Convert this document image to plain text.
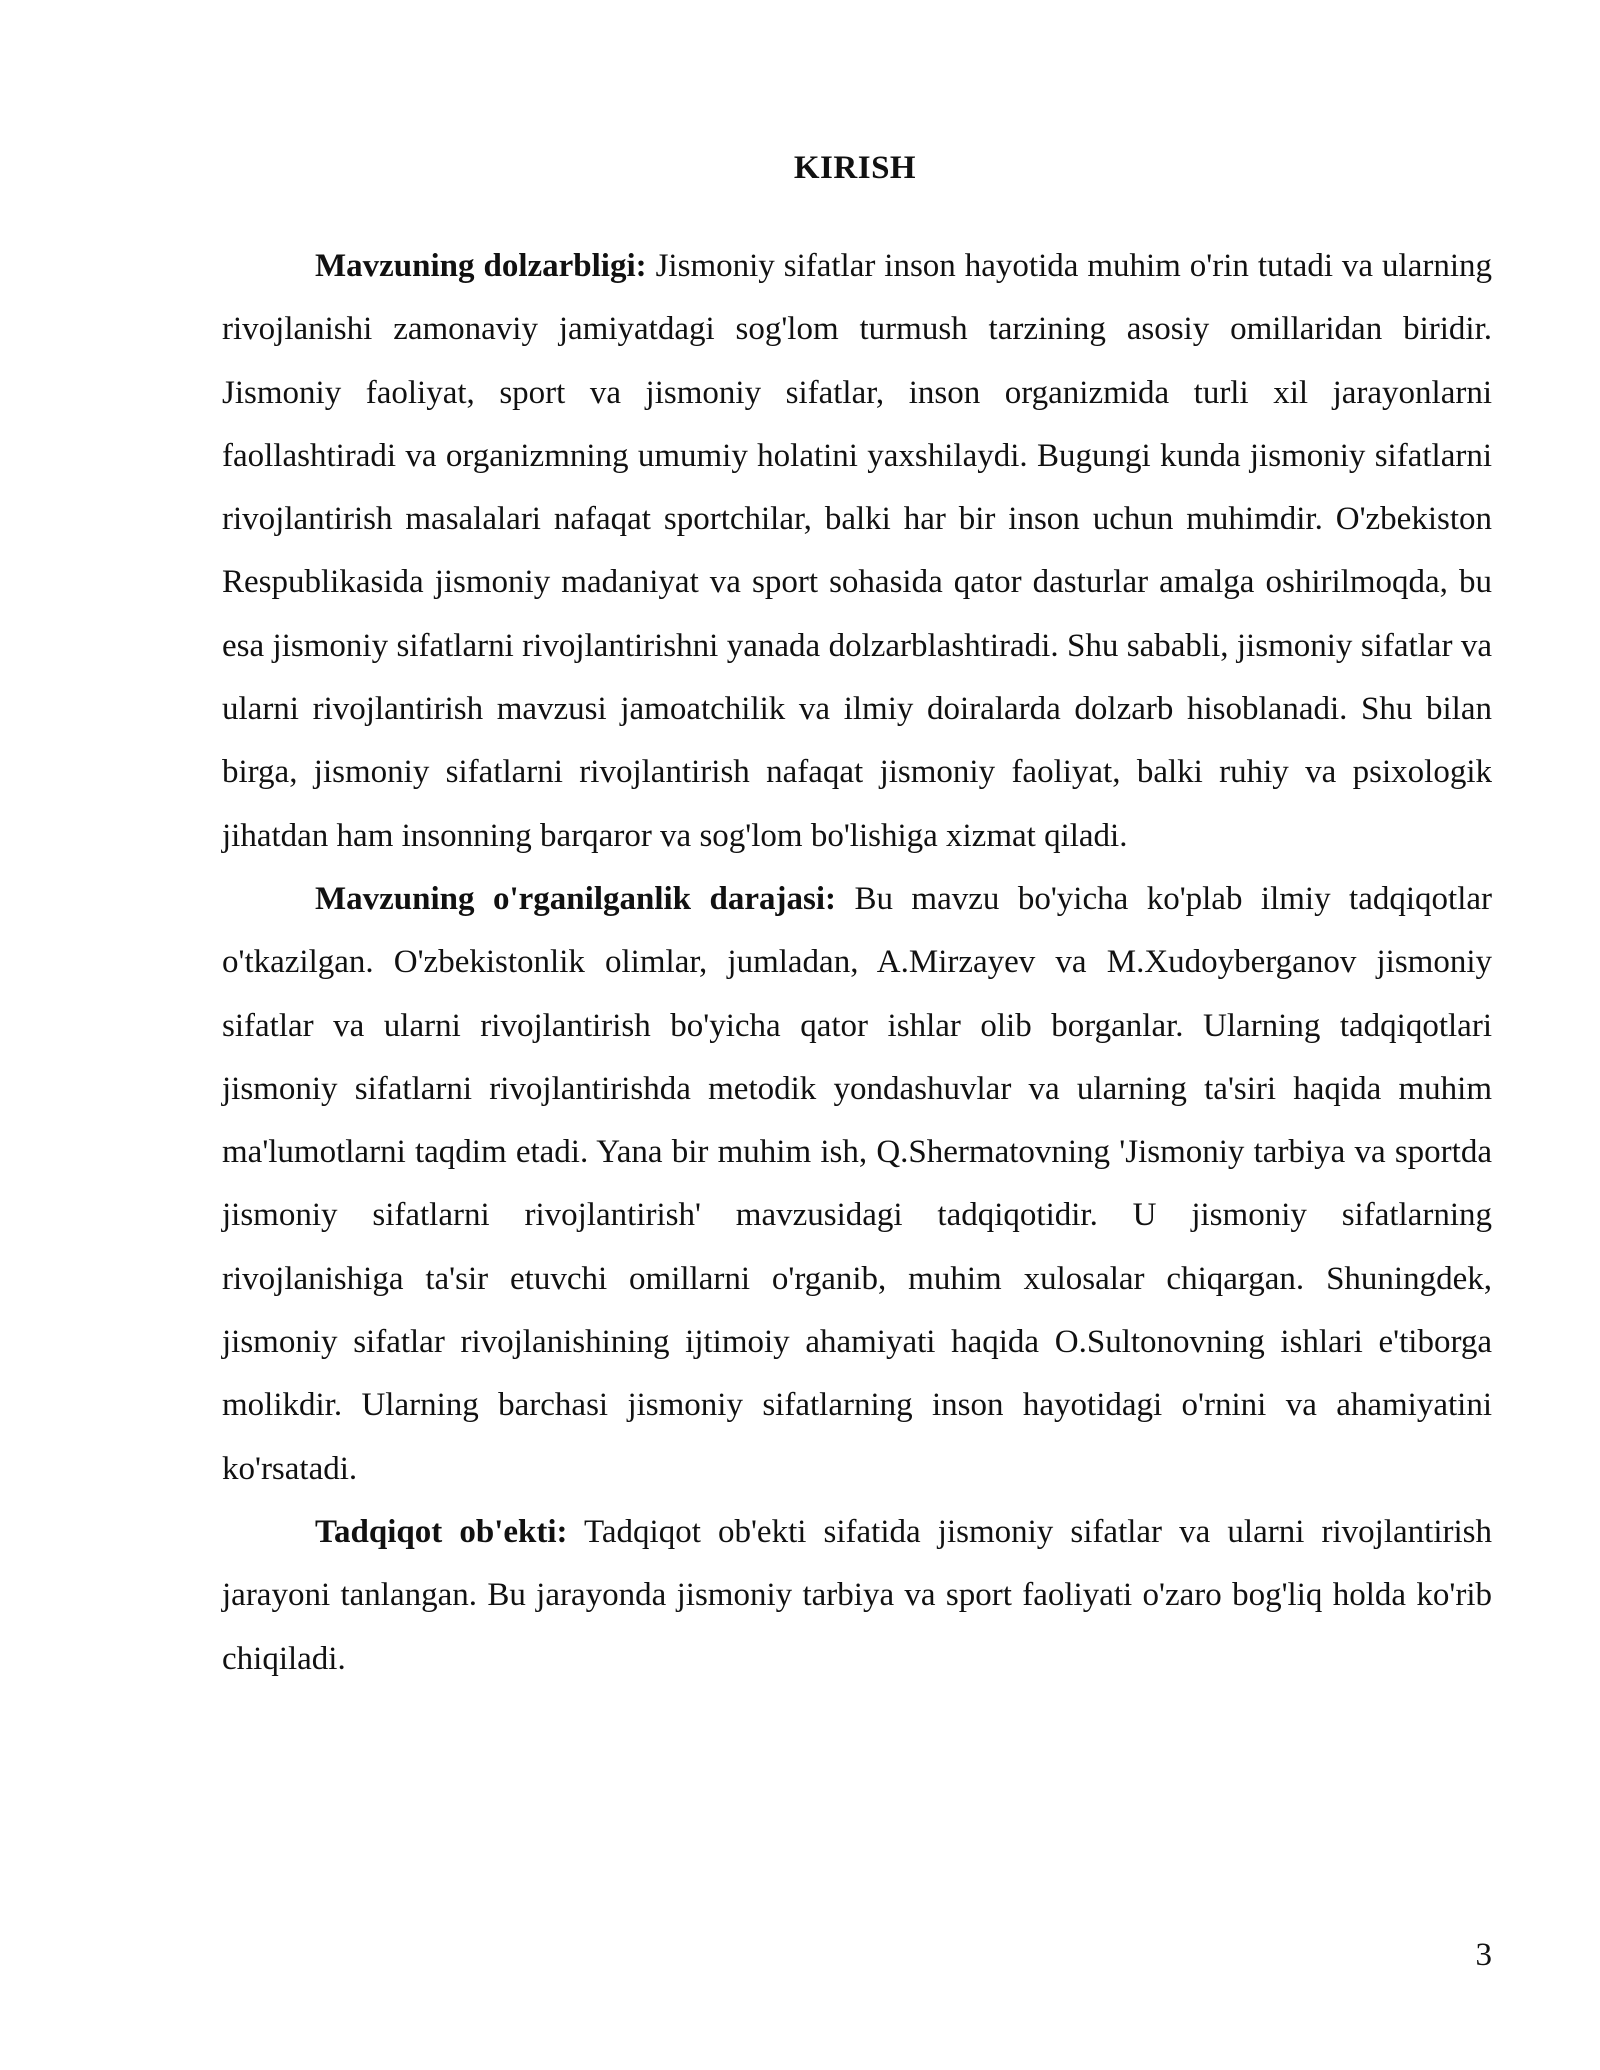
KIRISH

Mavzuning dolzarbligi: Jismoniy sifatlar inson hayotida muhim o'rin tutadi va ularning rivojlanishi zamonaviy jamiyatdagi sog'lom turmush tarzining asosiy omillaridan biridir. Jismoniy faoliyat, sport va jismoniy sifatlar, inson organizmida turli xil jarayonlarni faollashtiradi va organizmning umumiy holatini yaxshilaydi. Bugungi kunda jismoniy sifatlarni rivojlantirish masalalari nafaqat sportchilar, balki har bir inson uchun muhimdir. O'zbekiston Respublikasida jismoniy madaniyat va sport sohasida qator dasturlar amalga oshirilmoqda, bu esa jismoniy sifatlarni rivojlantirishni yanada dolzarblashtiradi. Shu sababli, jismoniy sifatlar va ularni rivojlantirish mavzusi jamoatchilik va ilmiy doiralarda dolzarb hisoblanadi. Shu bilan birga, jismoniy sifatlarni rivojlantirish nafaqat jismoniy faoliyat, balki ruhiy va psixologik jihatdan ham insonning barqaror va sog'lom bo'lishiga xizmat qiladi.

Mavzuning o'rganilganlik darajasi: Bu mavzu bo'yicha ko'plab ilmiy tadqiqotlar o'tkazilgan. O'zbekistonlik olimlar, jumladan, A.Mirzayev va M.Xudoyberganov jismoniy sifatlar va ularni rivojlantirish bo'yicha qator ishlar olib borganlar. Ularning tadqiqotlari jismoniy sifatlarni rivojlantirishda metodik yondashuvlar va ularning ta'siri haqida muhim ma'lumotlarni taqdim etadi. Yana bir muhim ish, Q.Shermatovning 'Jismoniy tarbiya va sportda jismoniy sifatlarni rivojlantirish' mavzusidagi tadqiqotidir. U jismoniy sifatlarning rivojlanishiga ta'sir etuvchi omillarni o'rganib, muhim xulosalar chiqargan. Shuningdek, jismoniy sifatlar rivojlanishining ijtimoiy ahamiyati haqida O.Sultonovning ishlari e'tiborga molikdir. Ularning barchasi jismoniy sifatlarning inson hayotidagi o'rnini va ahamiyatini ko'rsatadi.

Tadqiqot ob'ekti: Tadqiqot ob'ekti sifatida jismoniy sifatlar va ularni rivojlantirish jarayoni tanlangan. Bu jarayonda jismoniy tarbiya va sport faoliyati o'zaro bog'liq holda ko'rib chiqiladi.

3
